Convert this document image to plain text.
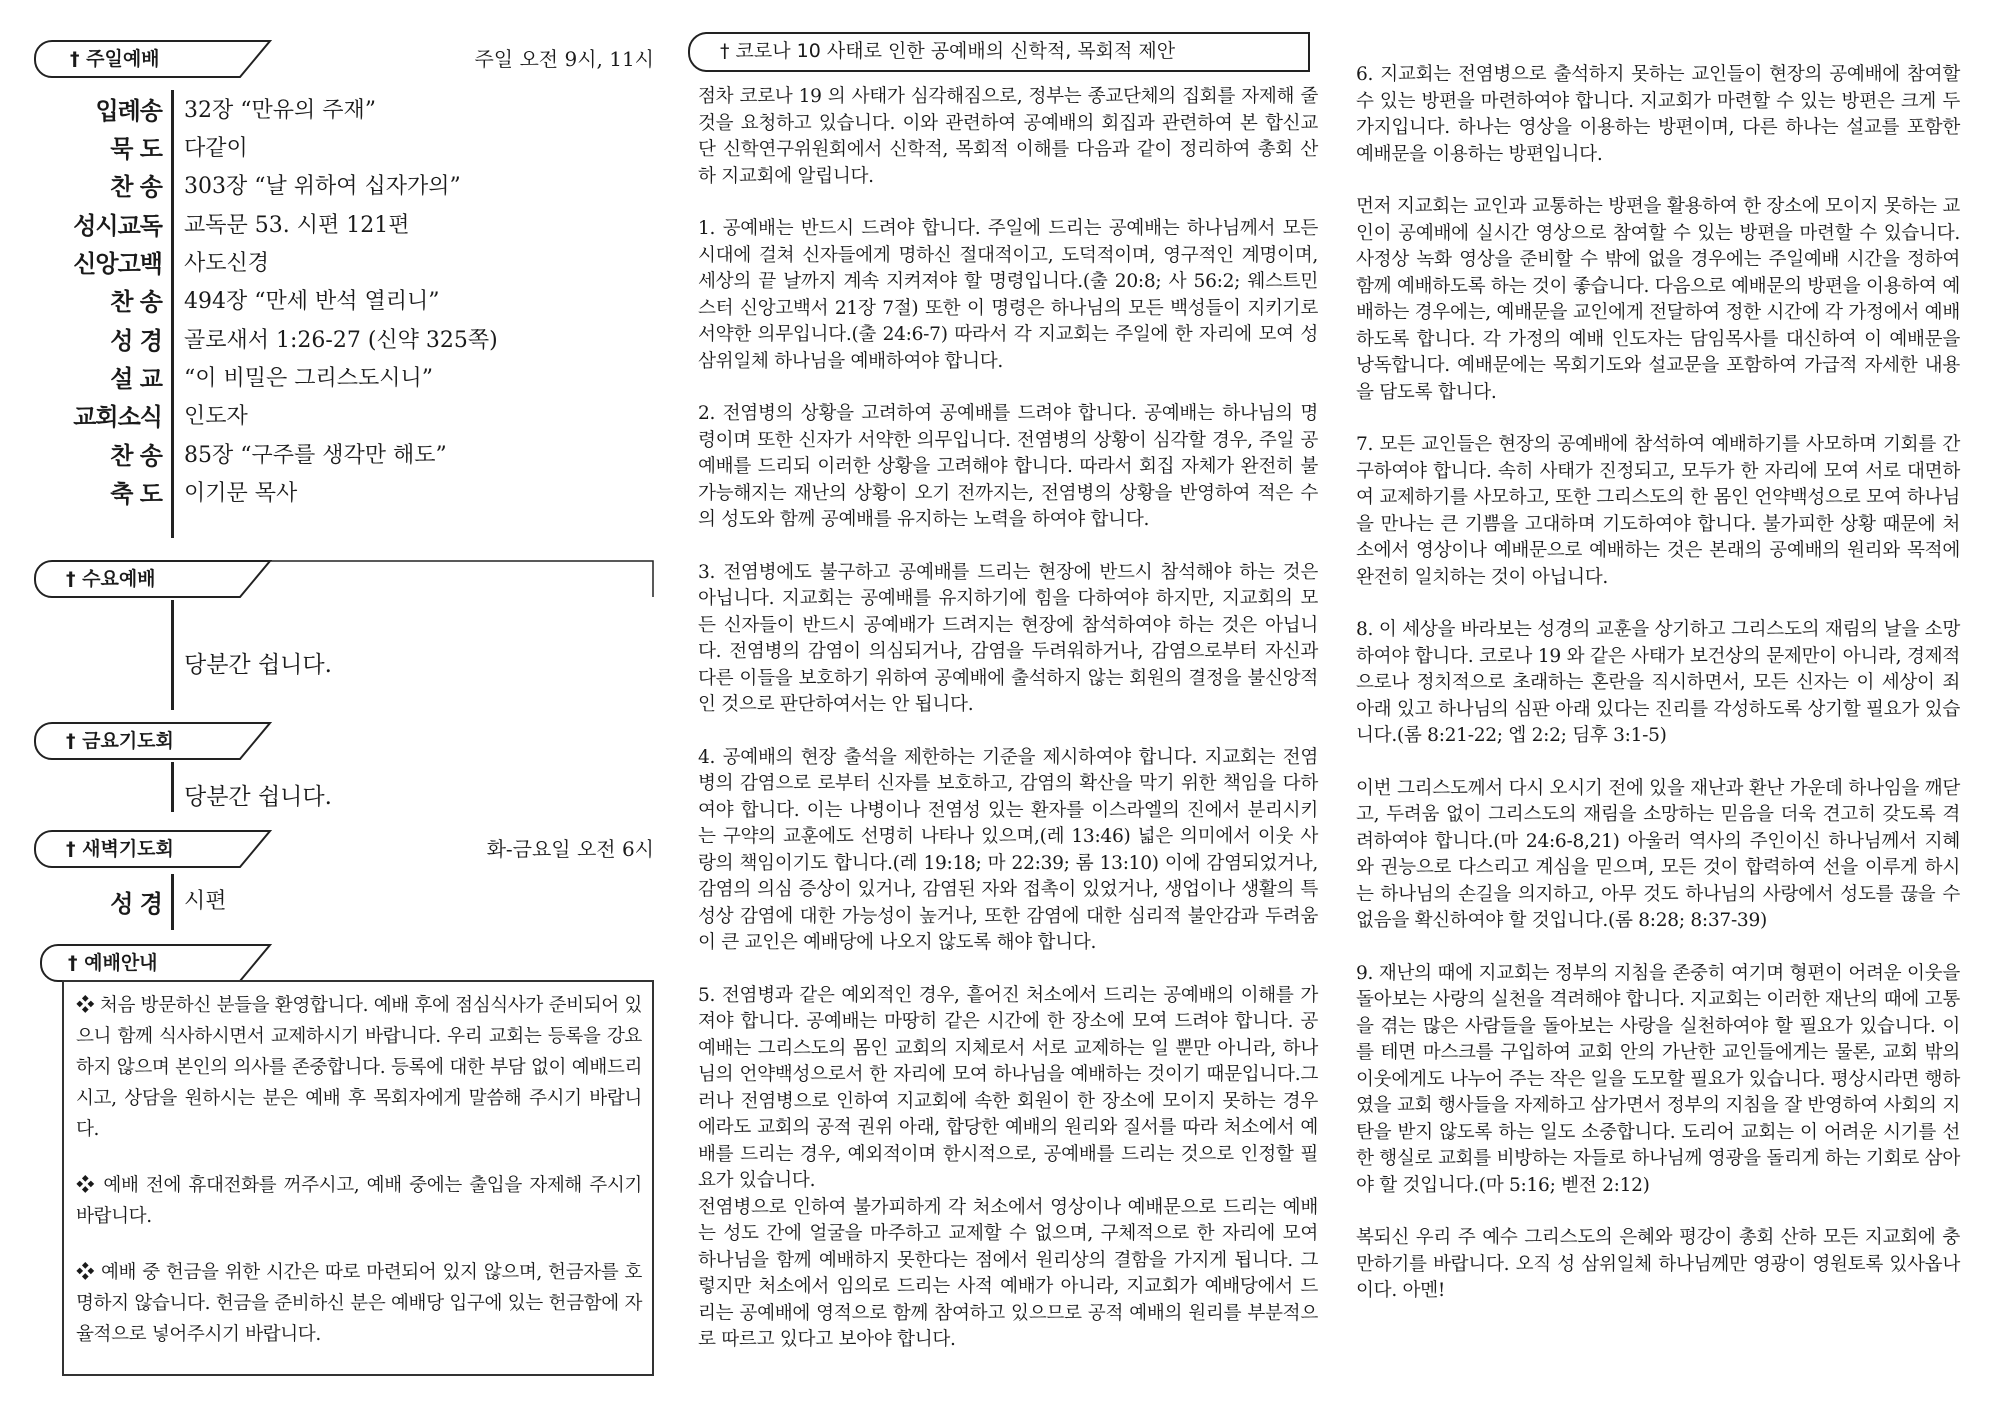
† 주일예배	주일 오전 9시, 11시
입례송 32장 “만유의 주재”
묵 도 다같이
찬 송 303장 “날 위하여 십자가의”
성시교독 교독문 53. 시편 121편
신앙고백 사도신경
찬 송 494장 “만세 반석 열리니”
성 경 골로새서 1:26-27 (신약 325쪽)
설 교 “이 비밀은 그리스도시니”
교회소식 인도자
찬 송 85장 “구주를 생각만 해도”
축 도 이기문 목사
† 수요예배
당분간 쉽니다.
† 금요기도회
당분간 쉽니다.
† 새벽기도회	화-금요일 오전 6시
성 경 시편
† 예배안내

❖ 처음 방문하신 분들을 환영합니다. 예배 후에 점심식사가 준비되어 있으니 함께 식사하시면서 교제하시기 바랍니다. 우리 교회는 등록을 강요하지 않으며 본인의 의사를 존중합니다. 등록에 대한 부담 없이 예배드리시고, 상담을 원하시는 분은 예배 후 목회자에게 말씀해 주시기 바랍니다.

❖ 예배 전에 휴대전화를 꺼주시고, 예배 중에는 출입을 자제해 주시기 바랍니다.

❖ 예배 중 헌금을 위한 시간은 따로 마련되어 있지 않으며, 헌금자를 호명하지 않습니다. 헌금을 준비하신 분은 예배당 입구에 있는 헌금함에 자율적으로 넣어주시기 바랍니다.

† 코로나 10 사태로 인한 공예배의 신학적, 목회적 제안

점차 코로나 19 의 사태가 심각해짐으로, 정부는 종교단체의 집회를 자제해 줄 것을 요청하고 있습니다. 이와 관련하여 공예배의 회집과 관련하여 본 합신교단 신학연구위원회에서 신학적, 목회적 이해를 다음과 같이 정리하여 총회 산하 지교회에 알립니다.

1. 공예배는 반드시 드려야 합니다. 주일에 드리는 공예배는 하나님께서 모든 시대에 걸쳐 신자들에게 명하신 절대적이고, 도덕적이며, 영구적인 계명이며, 세상의 끝 날까지 계속 지켜져야 할 명령입니다.(출 20:8; 사 56:2; 웨스트민스터 신앙고백서 21장 7절) 또한 이 명령은 하나님의 모든 백성들이 지키기로 서약한 의무입니다.(출 24:6-7) 따라서 각 지교회는 주일에 한 자리에 모여 성 삼위일체 하나님을 예배하여야 합니다.

2. 전염병의 상황을 고려하여 공예배를 드려야 합니다. 공예배는 하나님의 명령이며 또한 신자가 서약한 의무입니다. 전염병의 상황이 심각할 경우, 주일 공예배를 드리되 이러한 상황을 고려해야 합니다. 따라서 회집 자체가 완전히 불가능해지는 재난의 상황이 오기 전까지는, 전염병의 상황을 반영하여 적은 수의 성도와 함께 공예배를 유지하는 노력을 하여야 합니다.

3. 전염병에도 불구하고 공예배를 드리는 현장에 반드시 참석해야 하는 것은 아닙니다. 지교회는 공예배를 유지하기에 힘을 다하여야 하지만, 지교회의 모든 신자들이 반드시 공예배가 드려지는 현장에 참석하여야 하는 것은 아닙니다. 전염병의 감염이 의심되거나, 감염을 두려워하거나, 감염으로부터 자신과 다른 이들을 보호하기 위하여 공예배에 출석하지 않는 회원의 결정을 불신앙적인 것으로 판단하여서는 안 됩니다.

4. 공예배의 현장 출석을 제한하는 기준을 제시하여야 합니다. 지교회는 전염병의 감염으로 로부터 신자를 보호하고, 감염의 확산을 막기 위한 책임을 다하여야 합니다. 이는 나병이나 전염성 있는 환자를 이스라엘의 진에서 분리시키는 구약의 교훈에도 선명히 나타나 있으며,(레 13:46) 넓은 의미에서 이웃 사랑의 책임이기도 합니다.(레 19:18; 마 22:39; 롬 13:10) 이에 감염되었거나, 감염의 의심 증상이 있거나, 감염된 자와 접촉이 있었거나, 생업이나 생활의 특성상 감염에 대한 가능성이 높거나, 또한 감염에 대한 심리적 불안감과 두려움이 큰 교인은 예배당에 나오지 않도록 해야 합니다.

5. 전염병과 같은 예외적인 경우, 흩어진 처소에서 드리는 공예배의 이해를 가져야 합니다. 공예배는 마땅히 같은 시간에 한 장소에 모여 드려야 합니다. 공예배는 그리스도의 몸인 교회의 지체로서 서로 교제하는 일 뿐만 아니라, 하나님의 언약백성으로서 한 자리에 모여 하나님을 예배하는 것이기 때문입니다.그러나 전염병으로 인하여 지교회에 속한 회원이 한 장소에 모이지 못하는 경우에라도 교회의 공적 권위 아래, 합당한 예배의 원리와 질서를 따라 처소에서 예배를 드리는 경우, 예외적이며 한시적으로, 공예배를 드리는 것으로 인정할 필요가 있습니다.

전염병으로 인하여 불가피하게 각 처소에서 영상이나 예배문으로 드리는 예배는 성도 간에 얼굴을 마주하고 교제할 수 없으며, 구체적으로 한 자리에 모여 하나님을 함께 예배하지 못한다는 점에서 원리상의 결함을 가지게 됩니다. 그렇지만 처소에서 임의로 드리는 사적 예배가 아니라, 지교회가 예배당에서 드리는 공예배에 영적으로 함께 참여하고 있으므로 공적 예배의 원리를 부분적으로 따르고 있다고 보아야 합니다.

6. 지교회는 전염병으로 출석하지 못하는 교인들이 현장의 공예배에 참여할 수 있는 방편을 마련하여야 합니다. 지교회가 마련할 수 있는 방편은 크게 두 가지입니다. 하나는 영상을 이용하는 방편이며, 다른 하나는 설교를 포함한 예배문을 이용하는 방편입니다.

먼저 지교회는 교인과 교통하는 방편을 활용하여 한 장소에 모이지 못하는 교인이 공예배에 실시간 영상으로 참여할 수 있는 방편을 마련할 수 있습니다. 사정상 녹화 영상을 준비할 수 밖에 없을 경우에는 주일예배 시간을 정하여 함께 예배하도록 하는 것이 좋습니다. 다음으로 예배문의 방편을 이용하여 예배하는 경우에는, 예배문을 교인에게 전달하여 정한 시간에 각 가정에서 예배하도록 합니다. 각 가정의 예배 인도자는 담임목사를 대신하여 이 예배문을 낭독합니다. 예배문에는 목회기도와 설교문을 포함하여 가급적 자세한 내용을 담도록 합니다.

7. 모든 교인들은 현장의 공예배에 참석하여 예배하기를 사모하며 기회를 간구하여야 합니다. 속히 사태가 진정되고, 모두가 한 자리에 모여 서로 대면하여 교제하기를 사모하고, 또한 그리스도의 한 몸인 언약백성으로 모여 하나님을 만나는 큰 기쁨을 고대하며 기도하여야 합니다. 불가피한 상황 때문에 처소에서 영상이나 예배문으로 예배하는 것은 본래의 공예배의 원리와 목적에 완전히 일치하는 것이 아닙니다.

8. 이 세상을 바라보는 성경의 교훈을 상기하고 그리스도의 재림의 날을 소망하여야 합니다. 코로나 19 와 같은 사태가 보건상의 문제만이 아니라, 경제적으로나 정치적으로 초래하는 혼란을 직시하면서, 모든 신자는 이 세상이 죄 아래 있고 하나님의 심판 아래 있다는 진리를 각성하도록 상기할 필요가 있습니다.(롬 8:21-22; 엡 2:2; 딤후 3:1-5)

이번 그리스도께서 다시 오시기 전에 있을 재난과 환난 가운데 하나임을 깨닫고, 두려움 없이 그리스도의 재림을 소망하는 믿음을 더욱 견고히 갖도록 격려하여야 합니다.(마 24:6-8,21) 아울러 역사의 주인이신 하나님께서 지혜와 권능으로 다스리고 계심을 믿으며, 모든 것이 합력하여 선을 이루게 하시는 하나님의 손길을 의지하고, 아무 것도 하나님의 사랑에서 성도를 끊을 수 없음을 확신하여야 할 것입니다.(롬 8:28; 8:37-39)

9. 재난의 때에 지교회는 정부의 지침을 존중히 여기며 형편이 어려운 이웃을 돌아보는 사랑의 실천을 격려해야 합니다. 지교회는 이러한 재난의 때에 고통을 겪는 많은 사람들을 돌아보는 사랑을 실천하여야 할 필요가 있습니다. 이를 테면 마스크를 구입하여 교회 안의 가난한 교인들에게는 물론, 교회 밖의 이웃에게도 나누어 주는 작은 일을 도모할 필요가 있습니다. 평상시라면 행하였을 교회 행사들을 자제하고 삼가면서 정부의 지침을 잘 반영하여 사회의 지탄을 받지 않도록 하는 일도 소중합니다. 도리어 교회는 이 어려운 시기를 선한 행실로 교회를 비방하는 자들로 하나님께 영광을 돌리게 하는 기회로 삼아야 할 것입니다.(마 5:16; 벧전 2:12)

복되신 우리 주 예수 그리스도의 은혜와 평강이 총회 산하 모든 지교회에 충만하기를 바랍니다. 오직 성 삼위일체 하나님께만 영광이 영원토록 있사옵나이다. 아멘!
